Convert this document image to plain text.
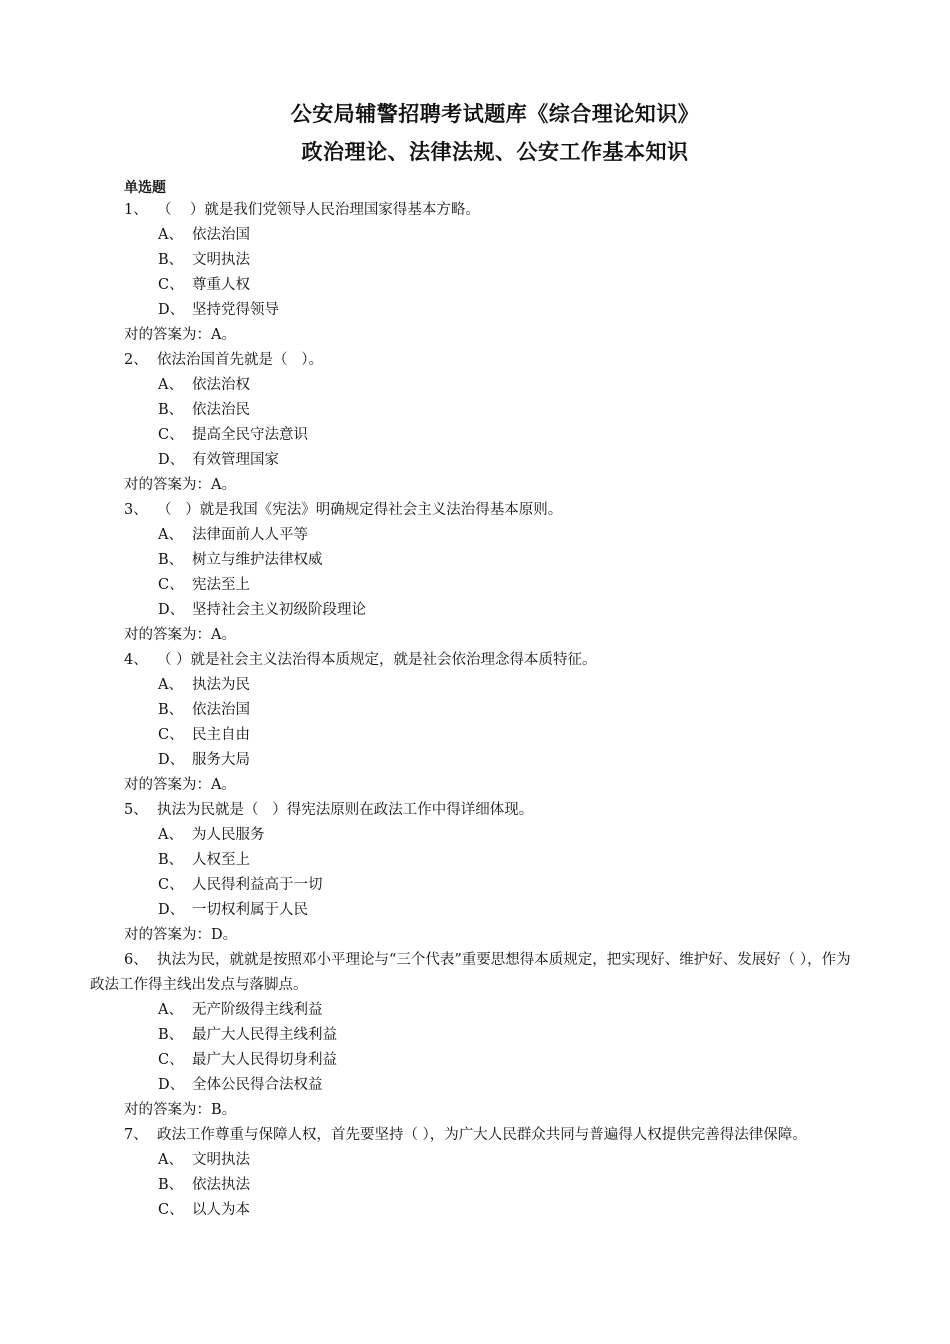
公安局辅警招聘考试题库《综合理论知识》
政治理论、法律法规、公安工作基本知识
单选题
1、  （    ）就是我们党领导人民治理国家得基本方略。
A、 依法治国
B、 文明执法
C、 尊重人权
D、 坚持党得领导
对的答案为：A。
2、  依法治国首先就是（   ）。
A、 依法治权
B、 依法治民
C、 提高全民守法意识
D、 有效管理国家
对的答案为：A。
3、  （   ）就是我国《宪法》明确规定得社会主义法治得基本原则。
A、 法律面前人人平等
B、 树立与维护法律权威
C、 宪法至上
D、 坚持社会主义初级阶段理论
对的答案为：A。
4、  （ ）就是社会主义法治得本质规定，就是社会依治理念得本质特征。
A、 执法为民
B、 依法治国
C、 民主自由
D、 服务大局
对的答案为：A。
5、  执法为民就是（   ）得宪法原则在政法工作中得详细体现。
A、 为人民服务
B、 人权至上
C、 人民得利益高于一切
D、 一切权利属于人民
对的答案为：D。
6、  执法为民，就就是按照邓小平理论与“三个代表”重要思想得本质规定，把实现好、维护好、发展好（ ），作为政法工作得主线出发点与落脚点。
A、 无产阶级得主线利益
B、 最广大人民得主线利益
C、 最广大人民得切身利益
D、 全体公民得合法权益
对的答案为：B。
7、  政法工作尊重与保障人权，首先要坚持（ ），为广大人民群众共同与普遍得人权提供完善得法律保障。
A、 文明执法
B、 依法执法
C、 以人为本
